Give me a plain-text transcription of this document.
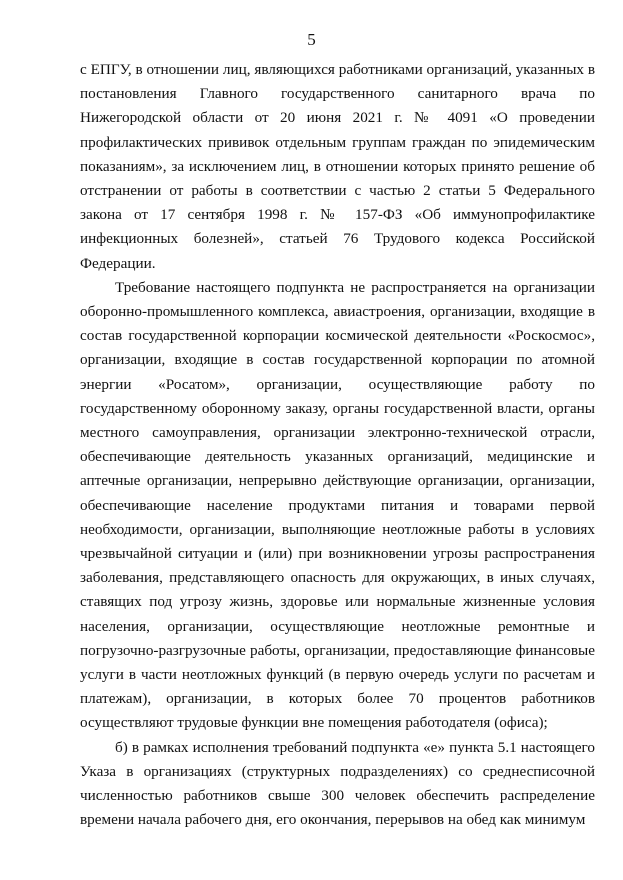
5

с ЕПГУ, в отношении лиц, являющихся работниками организаций, указанных в постановления Главного государственного санитарного врача по Нижегородской области от 20 июня 2021 г. № 4091 «О проведении профилактических прививок отдельным группам граждан по эпидемическим показаниям», за исключением лиц, в отношении которых принято решение об отстранении от работы в соответствии с частью 2 статьи 5 Федерального закона от 17 сентября 1998 г. № 157-ФЗ «Об иммунопрофилактике инфекционных болезней», статьей 76 Трудового кодекса Российской Федерации.

Требование настоящего подпункта не распространяется на организации оборонно-промышленного комплекса, авиастроения, организации, входящие в состав государственной корпорации космической деятельности «Роскосмос», организации, входящие в состав государственной корпорации по атомной энергии «Росатом», организации, осуществляющие работу по государственному оборонному заказу, органы государственной власти, органы местного самоуправления, организации электронно-технической отрасли, обеспечивающие деятельность указанных организаций, медицинские и аптечные организации, непрерывно действующие организации, организации, обеспечивающие население продуктами питания и товарами первой необходимости, организации, выполняющие неотложные работы в условиях чрезвычайной ситуации и (или) при возникновении угрозы распространения заболевания, представляющего опасность для окружающих, в иных случаях, ставящих под угрозу жизнь, здоровье или нормальные жизненные условия населения, организации, осуществляющие неотложные ремонтные и погрузочно-разгрузочные работы, организации, предоставляющие финансовые услуги в части неотложных функций (в первую очередь услуги по расчетам и платежам), организации, в которых более 70 процентов работников осуществляют трудовые функции вне помещения работодателя (офиса);

б) в рамках исполнения требований подпункта «е» пункта 5.1 настоящего Указа в организациях (структурных подразделениях) со среднесписочной численностью работников свыше 300 человек обеспечить распределение времени начала рабочего дня, его окончания, перерывов на обед как минимум
